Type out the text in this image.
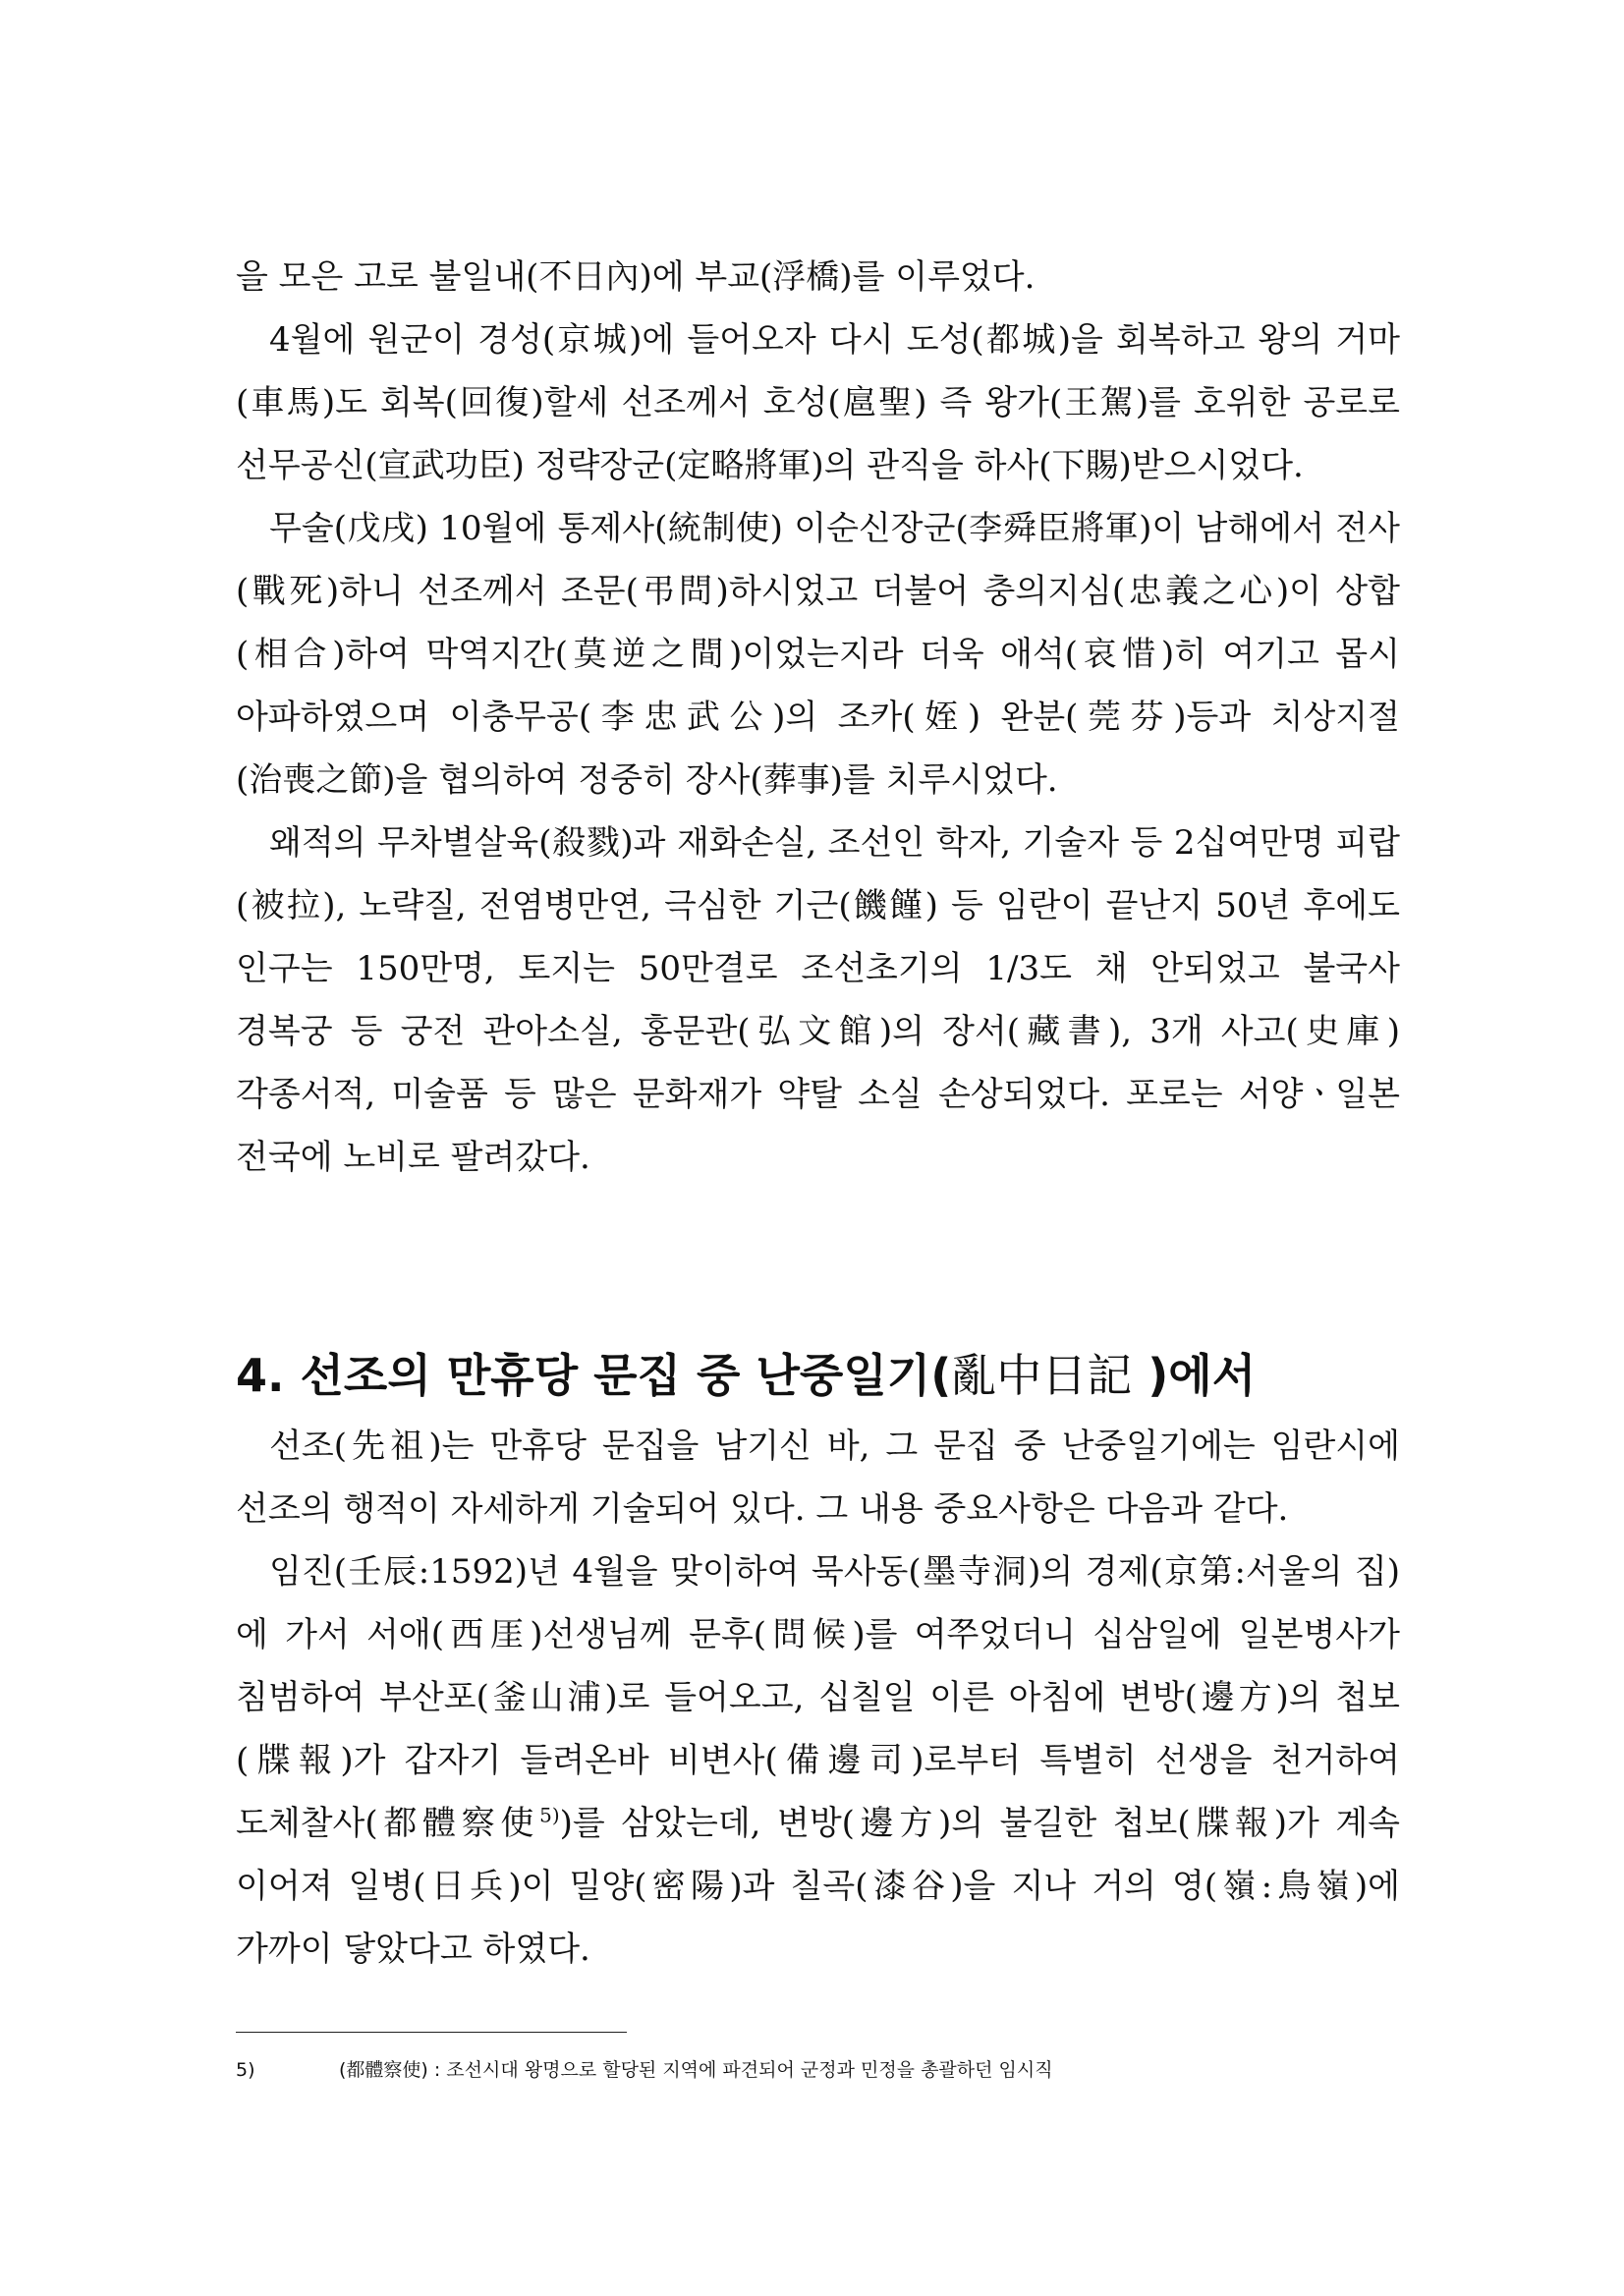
을 모은 고로 불일내(不日內)에 부교(浮橋)를 이루었다.

4월에 원군이 경성(京城)에 들어오자 다시 도성(都城)을 회복하고 왕의 거마(車馬)도 회복(回復)할세 선조께서 호성(扈聖) 즉 왕가(王駕)를 호위한 공로로 선무공신(宣武功臣) 정략장군(定略將軍)의 관직을 하사(下賜)받으시었다.

무술(戊戌) 10월에 통제사(統制使) 이순신장군(李舜臣將軍)이 남해에서 전사(戰死)하니 선조께서 조문(弔問)하시었고 더불어 충의지심(忠義之心)이 상합(相合)하여 막역지간(莫逆之間)이었는지라 더욱 애석(哀惜)히 여기고 몹시 아파하였으며 이충무공(李忠武公)의 조카(姪) 완분(莞芬)등과 치상지절(治喪之節)을 협의하여 정중히 장사(葬事)를 치루시었다.

왜적의 무차별살육(殺戮)과 재화손실, 조선인 학자, 기술자 등 2십여만명 피랍(被拉), 노략질, 전염병만연, 극심한 기근(饑饉) 등 임란이 끝난지 50년 후에도 인구는 150만명, 토지는 50만결로 조선초기의 1/3도 채 안되었고 불국사 경복궁 등 궁전 관아소실, 홍문관(弘文館)의 장서(藏書), 3개 사고(史庫) 각종서적, 미술품 등 많은 문화재가 약탈 소실 손상되었다. 포로는 서양ㆍ일본 전국에 노비로 팔려갔다.

4. 선조의 만휴당 문집 중 난중일기(亂中日記 )에서

선조(先祖)는 만휴당 문집을 남기신 바, 그 문집 중 난중일기에는 임란시에 선조의 행적이 자세하게 기술되어 있다. 그 내용 중요사항은 다음과 같다.

임진(壬辰:1592)년 4월을 맞이하여 묵사동(墨寺洞)의 경제(京第:서울의 집)에 가서 서애(西厓)선생님께 문후(問候)를 여쭈었더니 십삼일에 일본병사가 침범하여 부산포(釜山浦)로 들어오고, 십칠일 이른 아침에 변방(邊方)의 첩보(牒報)가 갑자기 들려온바 비변사(備邊司)로부터 특별히 선생을 천거하여 도체찰사(都體察使$^{5)}$)를 삼았는데, 변방(邊方)의 불길한 첩보(牒報)가 계속 이어져 일병(日兵)이 밀양(密陽)과 칠곡(漆谷)을 지나 거의 영(嶺:鳥嶺)에 가까이 닿았다고 하였다.

5)	(都體察使) : 조선시대 왕명으로 할당된 지역에 파견되어 군정과 민정을 총괄하던 임시직
